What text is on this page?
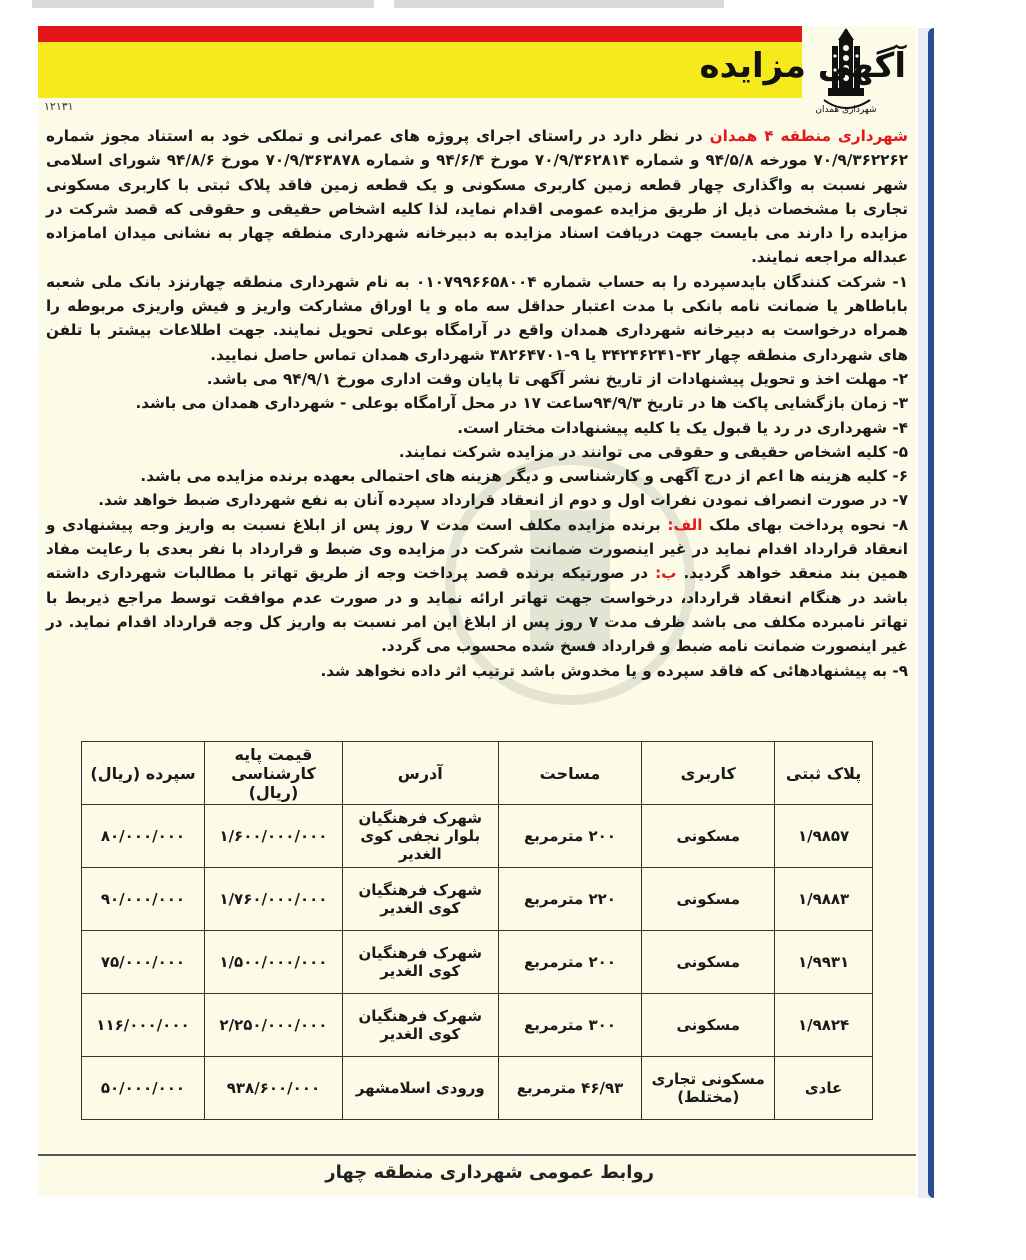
شهرداری همدان
آگهی مزایده
۱۲۱۳۱

شهرداری منطقه ۴ همدان در نظر دارد در راستای اجرای پروژه های عمرانی و تملکی خود به استناد مجوز شماره ۷۰/۹/۳۶۲۲۶۲ مورخه ۹۴/۵/۸ و شماره ۷۰/۹/۳۶۲۸۱۴ مورخ ۹۴/۶/۴ و شماره ۷۰/۹/۳۶۳۸۷۸ مورخ ۹۴/۸/۶ شورای اسلامی شهر نسبت به واگذاری چهار قطعه زمین کاربری مسکونی و یک قطعه زمین فاقد پلاک ثبتی با کاربری مسکونی تجاری با مشخصات ذیل از طریق مزایده عمومی اقدام نماید، لذا کلیه اشخاص حقیقی و حقوقی که قصد شرکت در مزایده را دارند می بایست جهت دریافت اسناد مزایده به دبیرخانه شهرداری منطقه چهار به نشانی میدان امامزاده عبداله مراجعه نمایند.

۱- شرکت کنندگان بایدسپرده را به حساب شماره ۰۱۰۷۹۹۶۶۵۸۰۰۴ به نام شهرداری منطقه چهارنزد بانک ملی شعبه باباطاهر یا ضمانت نامه بانکی با مدت اعتبار حداقل سه ماه و یا اوراق مشارکت واریز و فیش واریزی مربوطه را همراه درخواست به دبیرخانه شهرداری همدان واقع در آرامگاه بوعلی تحویل نمایند. جهت اطلاعات بیشتر با تلفن های شهرداری منطقه چهار ۴۲-۳۴۲۴۶۲۴۱ یا ۹-۳۸۲۶۴۷۰۱ شهرداری همدان تماس حاصل نمایید.

۲- مهلت اخذ و تحویل پیشنهادات از تاریخ نشر آگهی تا پایان وقت اداری مورخ ۹۴/۹/۱ می باشد.

۳- زمان بازگشایی پاکت ها در تاریخ ۹۴/۹/۳ساعت ۱۷ در محل آرامگاه بوعلی - شهرداری همدان می باشد.

۴- شهرداری در رد یا قبول یک یا کلیه پیشنهادات مختار است.

۵- کلیه اشخاص حقیقی و حقوقی می توانند در مزایده شرکت نمایند.

۶- کلیه هزینه ها اعم از درج آگهی و کارشناسی و دیگر هزینه های احتمالی بعهده برنده مزایده می باشد.

۷- در صورت انصراف نمودن نفرات اول و دوم از انعقاد قرارداد سپرده آنان به نفع شهرداری ضبط خواهد شد.

۸- نحوه پرداخت بهای ملک الف: برنده مزایده مکلف است مدت ۷ روز پس از ابلاغ نسبت به واریز وجه پیشنهادی و انعقاد قرارداد اقدام نماید در غیر اینصورت ضمانت شرکت در مزایده وی ضبط و قرارداد با نفر بعدی با رعایت مفاد همین بند منعقد خواهد گردید. ب: در صورتیکه برنده قصد پرداخت وجه از طریق تهاتر با مطالبات شهرداری داشته باشد در هنگام انعقاد قرارداد، درخواست جهت تهاتر ارائه نماید و در صورت عدم موافقت توسط مراجع ذیربط با تهاتر نامبرده مکلف می باشد ظرف مدت ۷ روز پس از ابلاغ این امر نسبت به واریز کل وجه قرارداد اقدام نماید. در غیر اینصورت ضمانت نامه ضبط و قرارداد فسخ شده محسوب می گردد.

۹- به پیشنهادهائی که فاقد سپرده و یا مخدوش باشد ترتیب اثر داده نخواهد شد.

پلاک ثبتی	کاربری	مساحت	آدرس	قیمت پایه کارشناسی (ریال)	سپرده (ریال)
۱/۹۸۵۷	مسکونی	۲۰۰ مترمربع	شهرک فرهنگیان بلوار نجفی کوی الغدیر	۱/۶۰۰/۰۰۰/۰۰۰	۸۰/۰۰۰/۰۰۰
۱/۹۸۸۳	مسکونی	۲۲۰ مترمربع	شهرک فرهنگیان کوی الغدیر	۱/۷۶۰/۰۰۰/۰۰۰	۹۰/۰۰۰/۰۰۰
۱/۹۹۳۱	مسکونی	۲۰۰ مترمربع	شهرک فرهنگیان کوی الغدیر	۱/۵۰۰/۰۰۰/۰۰۰	۷۵/۰۰۰/۰۰۰
۱/۹۸۲۴	مسکونی	۳۰۰ مترمربع	شهرک فرهنگیان کوی الغدیر	۲/۲۵۰/۰۰۰/۰۰۰	۱۱۶/۰۰۰/۰۰۰
عادی	مسکونی تجاری (مختلط)	۴۶/۹۳ مترمربع	ورودی اسلامشهر	۹۳۸/۶۰۰/۰۰۰	۵۰/۰۰۰/۰۰۰
روابط عمومی شهرداری منطقه چهار
